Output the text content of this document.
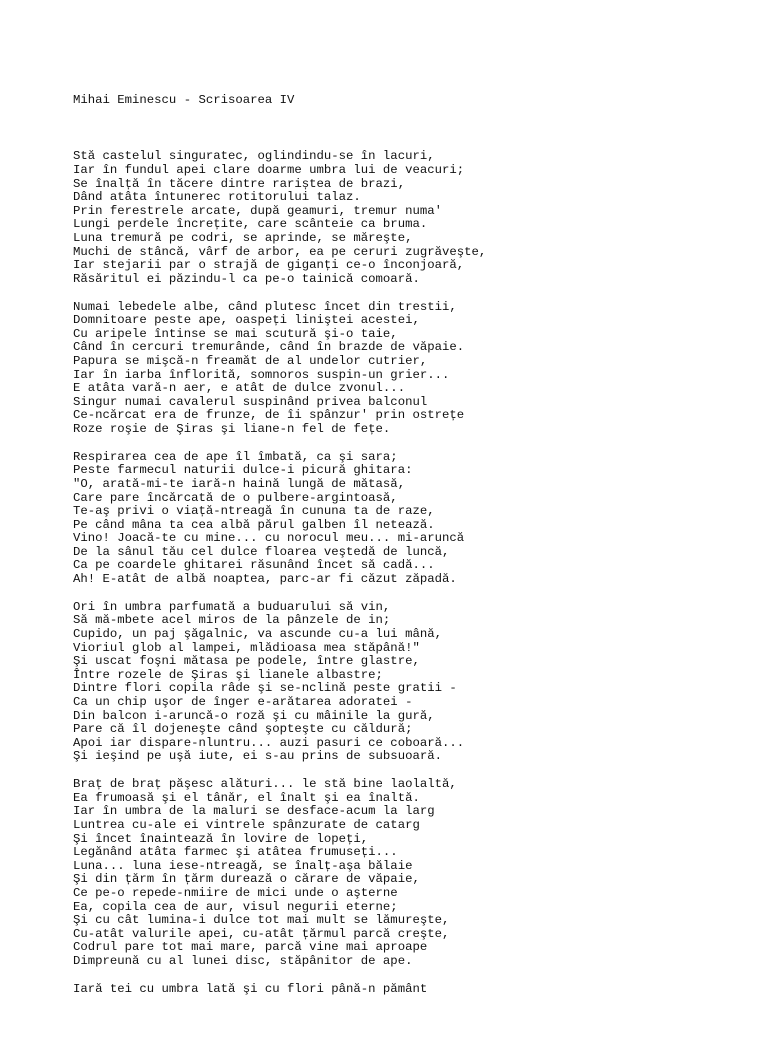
Mihai Eminescu - Scrisoarea IV

Stă castelul singuratec, oglindindu-se în lacuri,
Iar în fundul apei clare doarme umbra lui de veacuri;
Se înalță în tăcere dintre rariștea de brazi,
Dând atâta întunerec rotitorului talaz.
Prin ferestrele arcate, după geamuri, tremur numa'
Lungi perdele încrețite, care scânteie ca bruma.
Luna tremură pe codri, se aprinde, se măreşte,
Muchi de stâncă, vârf de arbor, ea pe ceruri zugrăveşte,
Iar stejarii par o strajă de giganți ce-o înconjoară,
Răsăritul ei păzindu-l ca pe-o tainică comoară.
Numai lebedele albe, când plutesc încet din trestii,
Domnitoare peste ape, oaspeți liniştei acestei,
Cu aripele întinse se mai scutură şi-o taie,
Când în cercuri tremurânde, când în brazde de văpaie.
Papura se mişcă-n freamăt de al undelor cutrier,
Iar în iarba înflorită, somnoros suspin-un grier...
E atâta vară-n aer, e atât de dulce zvonul...
Singur numai cavalerul suspinând privea balconul
Ce-ncărcat era de frunze, de îi spânzur' prin ostrețe
Roze roşie de Şiras şi liane-n fel de fețe.
Respirarea cea de ape îl îmbată, ca şi sara;
Peste farmecul naturii dulce-i picură ghitara:
"O, arată-mi-te iară-n haină lungă de mătasă,
Care pare încărcată de o pulbere-argintoasă,
Te-aş privi o viață-ntreagă în cununa ta de raze,
Pe când mâna ta cea albă părul galben îl netează.
Vino! Joacă-te cu mine... cu norocul meu... mi-aruncă
De la sânul tău cel dulce floarea veştedă de luncă,
Ca pe coardele ghitarei răsunând încet să cadă...
Ah! E-atât de albă noaptea, parc-ar fi căzut zăpadă.
Ori în umbra parfumată a buduarului să vin,
Să mă-mbete acel miros de la pânzele de in;
Cupido, un paj şăgalnic, va ascunde cu-a lui mână,
Vioriul glob al lampei, mlădioasa mea stăpână!"
Şi uscat foşni mătasa pe podele, între glastre,
Între rozele de Şiras şi lianele albastre;
Dintre flori copila râde şi se-nclină peste gratii -
Ca un chip uşor de înger e-arătarea adoratei -
Din balcon i-aruncă-o roză şi cu mâinile la gură,
Pare că îl dojeneşte când şopteşte cu căldură;
Apoi iar dispare-nluntru... auzi pasuri ce coboară...
Şi ieşind pe uşă iute, ei s-au prins de subsuoară.
Braț de braț păşesc alături... le stă bine laolaltă,
Ea frumoasă şi el tânăr, el înalt şi ea înaltă.
Iar în umbra de la maluri se desface-acum la larg
Luntrea cu-ale ei vintrele spânzurate de catarg
Şi încet înaintează în lovire de lopeți,
Legănând atâta farmec şi atâtea frumuseți...
Luna... luna iese-ntreagă, se înalț-aşa bălaie
Şi din țărm în țărm durează o cărare de văpaie,
Ce pe-o repede-nmiire de mici unde o aşterne
Ea, copila cea de aur, visul negurii eterne;
Şi cu cât lumina-i dulce tot mai mult se lămureşte,
Cu-atât valurile apei, cu-atât țărmul parcă creşte,
Codrul pare tot mai mare, parcă vine mai aproape
Dimpreună cu al lunei disc, stăpânitor de ape.
Iară tei cu umbra lată şi cu flori până-n pământ
